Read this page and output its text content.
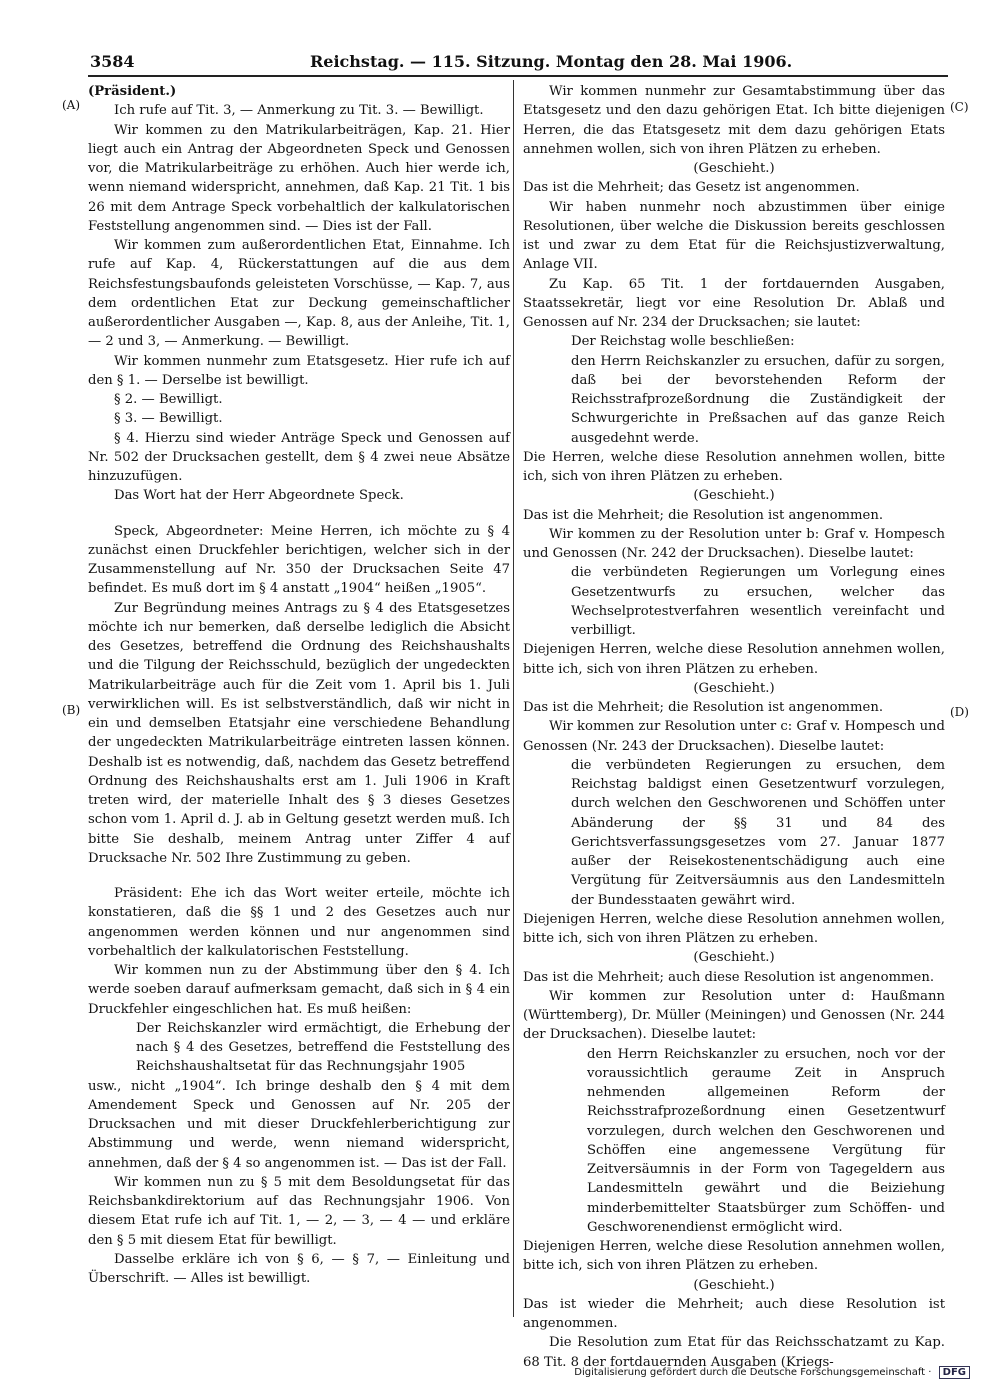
3584	Reichstag. — 115. Sitzung. Montag den 28. Mai 1906.
(A)
(B)
(C)
(D)

(Präsident.)

Ich rufe auf Tit. 3, — Anmerkung zu Tit. 3. — Bewilligt.

Wir kommen zu den Matrikularbeiträgen, Kap. 21. Hier liegt auch ein Antrag der Abgeordneten Speck und Genossen vor, die Matrikularbeiträge zu erhöhen. Auch hier werde ich, wenn niemand widerspricht, annehmen, daß Kap. 21 Tit. 1 bis 26 mit dem Antrage Speck vorbehaltlich der kalkulatorischen Feststellung angenommen sind. — Dies ist der Fall.

Wir kommen zum außerordentlichen Etat, Einnahme. Ich rufe auf Kap. 4, Rückerstattungen auf die aus dem Reichsfestungsbaufonds geleisteten Vorschüsse, — Kap. 7, aus dem ordentlichen Etat zur Deckung gemeinschaftlicher außerordentlicher Ausgaben —, Kap. 8, aus der Anleihe, Tit. 1, — 2 und 3, — Anmerkung. — Bewilligt.

Wir kommen nunmehr zum Etatsgesetz. Hier rufe ich auf den § 1. — Derselbe ist bewilligt.

§ 2. — Bewilligt.

§ 3. — Bewilligt.

§ 4. Hierzu sind wieder Anträge Speck und Genossen auf Nr. 502 der Drucksachen gestellt, dem § 4 zwei neue Absätze hinzuzufügen.

Das Wort hat der Herr Abgeordnete Speck.

Speck, Abgeordneter: Meine Herren, ich möchte zu § 4 zunächst einen Druckfehler berichtigen, welcher sich in der Zusammenstellung auf Nr. 350 der Drucksachen Seite 47 befindet. Es muß dort im § 4 anstatt „1904“ heißen „1905“.

Zur Begründung meines Antrags zu § 4 des Etatsgesetzes möchte ich nur bemerken, daß derselbe lediglich die Absicht des Gesetzes, betreffend die Ordnung des Reichshaushalts und die Tilgung der Reichsschuld, bezüglich der ungedeckten Matrikularbeiträge auch für die Zeit vom 1. April bis 1. Juli verwirklichen will. Es ist selbstverständlich, daß wir nicht in ein und demselben Etatsjahr eine verschiedene Behandlung der ungedeckten Matrikularbeiträge eintreten lassen können. Deshalb ist es notwendig, daß, nachdem das Gesetz betreffend Ordnung des Reichshaushalts erst am 1. Juli 1906 in Kraft treten wird, der materielle Inhalt des § 3 dieses Gesetzes schon vom 1. April d. J. ab in Geltung gesetzt werden muß. Ich bitte Sie deshalb, meinem Antrag unter Ziffer 4 auf Drucksache Nr. 502 Ihre Zustimmung zu geben.

Präsident: Ehe ich das Wort weiter erteile, möchte ich konstatieren, daß die §§ 1 und 2 des Gesetzes auch nur angenommen werden können und nur angenommen sind vorbehaltlich der kalkulatorischen Feststellung.

Wir kommen nun zu der Abstimmung über den § 4. Ich werde soeben darauf aufmerksam gemacht, daß sich in § 4 ein Druckfehler eingeschlichen hat. Es muß heißen:

Der Reichskanzler wird ermächtigt, die Erhebung der nach § 4 des Gesetzes, betreffend die Feststellung des Reichshaushaltsetat für das Rechnungsjahr 1905

usw., nicht „1904“. Ich bringe deshalb den § 4 mit dem Amendement Speck und Genossen auf Nr. 205 der Drucksachen und mit dieser Druckfehlerberichtigung zur Abstimmung und werde, wenn niemand widerspricht, annehmen, daß der § 4 so angenommen ist. — Das ist der Fall.

Wir kommen nun zu § 5 mit dem Besoldungsetat für das Reichsbankdirektorium auf das Rechnungsjahr 1906. Von diesem Etat rufe ich auf Tit. 1, — 2, — 3, — 4 — und erkläre den § 5 mit diesem Etat für bewilligt.

Dasselbe erkläre ich von § 6, — § 7, — Einleitung und Überschrift. — Alles ist bewilligt.

Wir kommen nunmehr zur Gesamtabstimmung über das Etatsgesetz und den dazu gehörigen Etat. Ich bitte diejenigen Herren, die das Etatsgesetz mit dem dazu gehörigen Etats annehmen wollen, sich von ihren Plätzen zu erheben.

(Geschieht.)

Das ist die Mehrheit; das Gesetz ist angenommen.

Wir haben nunmehr noch abzustimmen über einige Resolutionen, über welche die Diskussion bereits geschlossen ist und zwar zu dem Etat für die Reichsjustizverwaltung, Anlage VII.

Zu Kap. 65 Tit. 1 der fortdauernden Ausgaben, Staatssekretär, liegt vor eine Resolution Dr. Ablaß und Genossen auf Nr. 234 der Drucksachen; sie lautet:

Der Reichstag wolle beschließen:

den Herrn Reichskanzler zu ersuchen, dafür zu sorgen, daß bei der bevorstehenden Reform der Reichsstrafprozeßordnung die Zuständigkeit der Schwurgerichte in Preßsachen auf das ganze Reich ausgedehnt werde.

Die Herren, welche diese Resolution annehmen wollen, bitte ich, sich von ihren Plätzen zu erheben.

(Geschieht.)

Das ist die Mehrheit; die Resolution ist angenommen.

Wir kommen zu der Resolution unter b: Graf v. Hompesch und Genossen (Nr. 242 der Drucksachen). Dieselbe lautet:

die verbündeten Regierungen um Vorlegung eines Gesetzentwurfs zu ersuchen, welcher das Wechselprotestverfahren wesentlich vereinfacht und verbilligt.

Diejenigen Herren, welche diese Resolution annehmen wollen, bitte ich, sich von ihren Plätzen zu erheben.

(Geschieht.)

Das ist die Mehrheit; die Resolution ist angenommen.

Wir kommen zur Resolution unter c: Graf v. Hompesch und Genossen (Nr. 243 der Drucksachen). Dieselbe lautet:

die verbündeten Regierungen zu ersuchen, dem Reichstag baldigst einen Gesetzentwurf vorzulegen, durch welchen den Geschworenen und Schöffen unter Abänderung der §§ 31 und 84 des Gerichtsverfassungsgesetzes vom 27. Januar 1877 außer der Reisekostenentschädigung auch eine Vergütung für Zeitversäumnis aus den Landesmitteln der Bundesstaaten gewährt wird.

Diejenigen Herren, welche diese Resolution annehmen wollen, bitte ich, sich von ihren Plätzen zu erheben.

(Geschieht.)

Das ist die Mehrheit; auch diese Resolution ist angenommen.

Wir kommen zur Resolution unter d: Haußmann (Württemberg), Dr. Müller (Meiningen) und Genossen (Nr. 244 der Drucksachen). Dieselbe lautet:

den Herrn Reichskanzler zu ersuchen, noch vor der voraussichtlich geraume Zeit in Anspruch nehmenden allgemeinen Reform der Reichsstrafprozeßordnung einen Gesetzentwurf vorzulegen, durch welchen den Geschworenen und Schöffen eine angemessene Vergütung für Zeitversäumnis in der Form von Tagegeldern aus Landesmitteln gewährt und die Beiziehung minderbemittelter Staatsbürger zum Schöffen- und Geschworenendienst ermöglicht wird.

Diejenigen Herren, welche diese Resolution annehmen wollen, bitte ich, sich von ihren Plätzen zu erheben.

(Geschieht.)

Das ist wieder die Mehrheit; auch diese Resolution ist angenommen.

Die Resolution zum Etat für das Reichsschatzamt zu Kap. 68 Tit. 8 der fortdauernden Ausgaben (Kriegs-

Digitalisierung gefördert durch die Deutsche Forschungsgemeinschaft · DFG
